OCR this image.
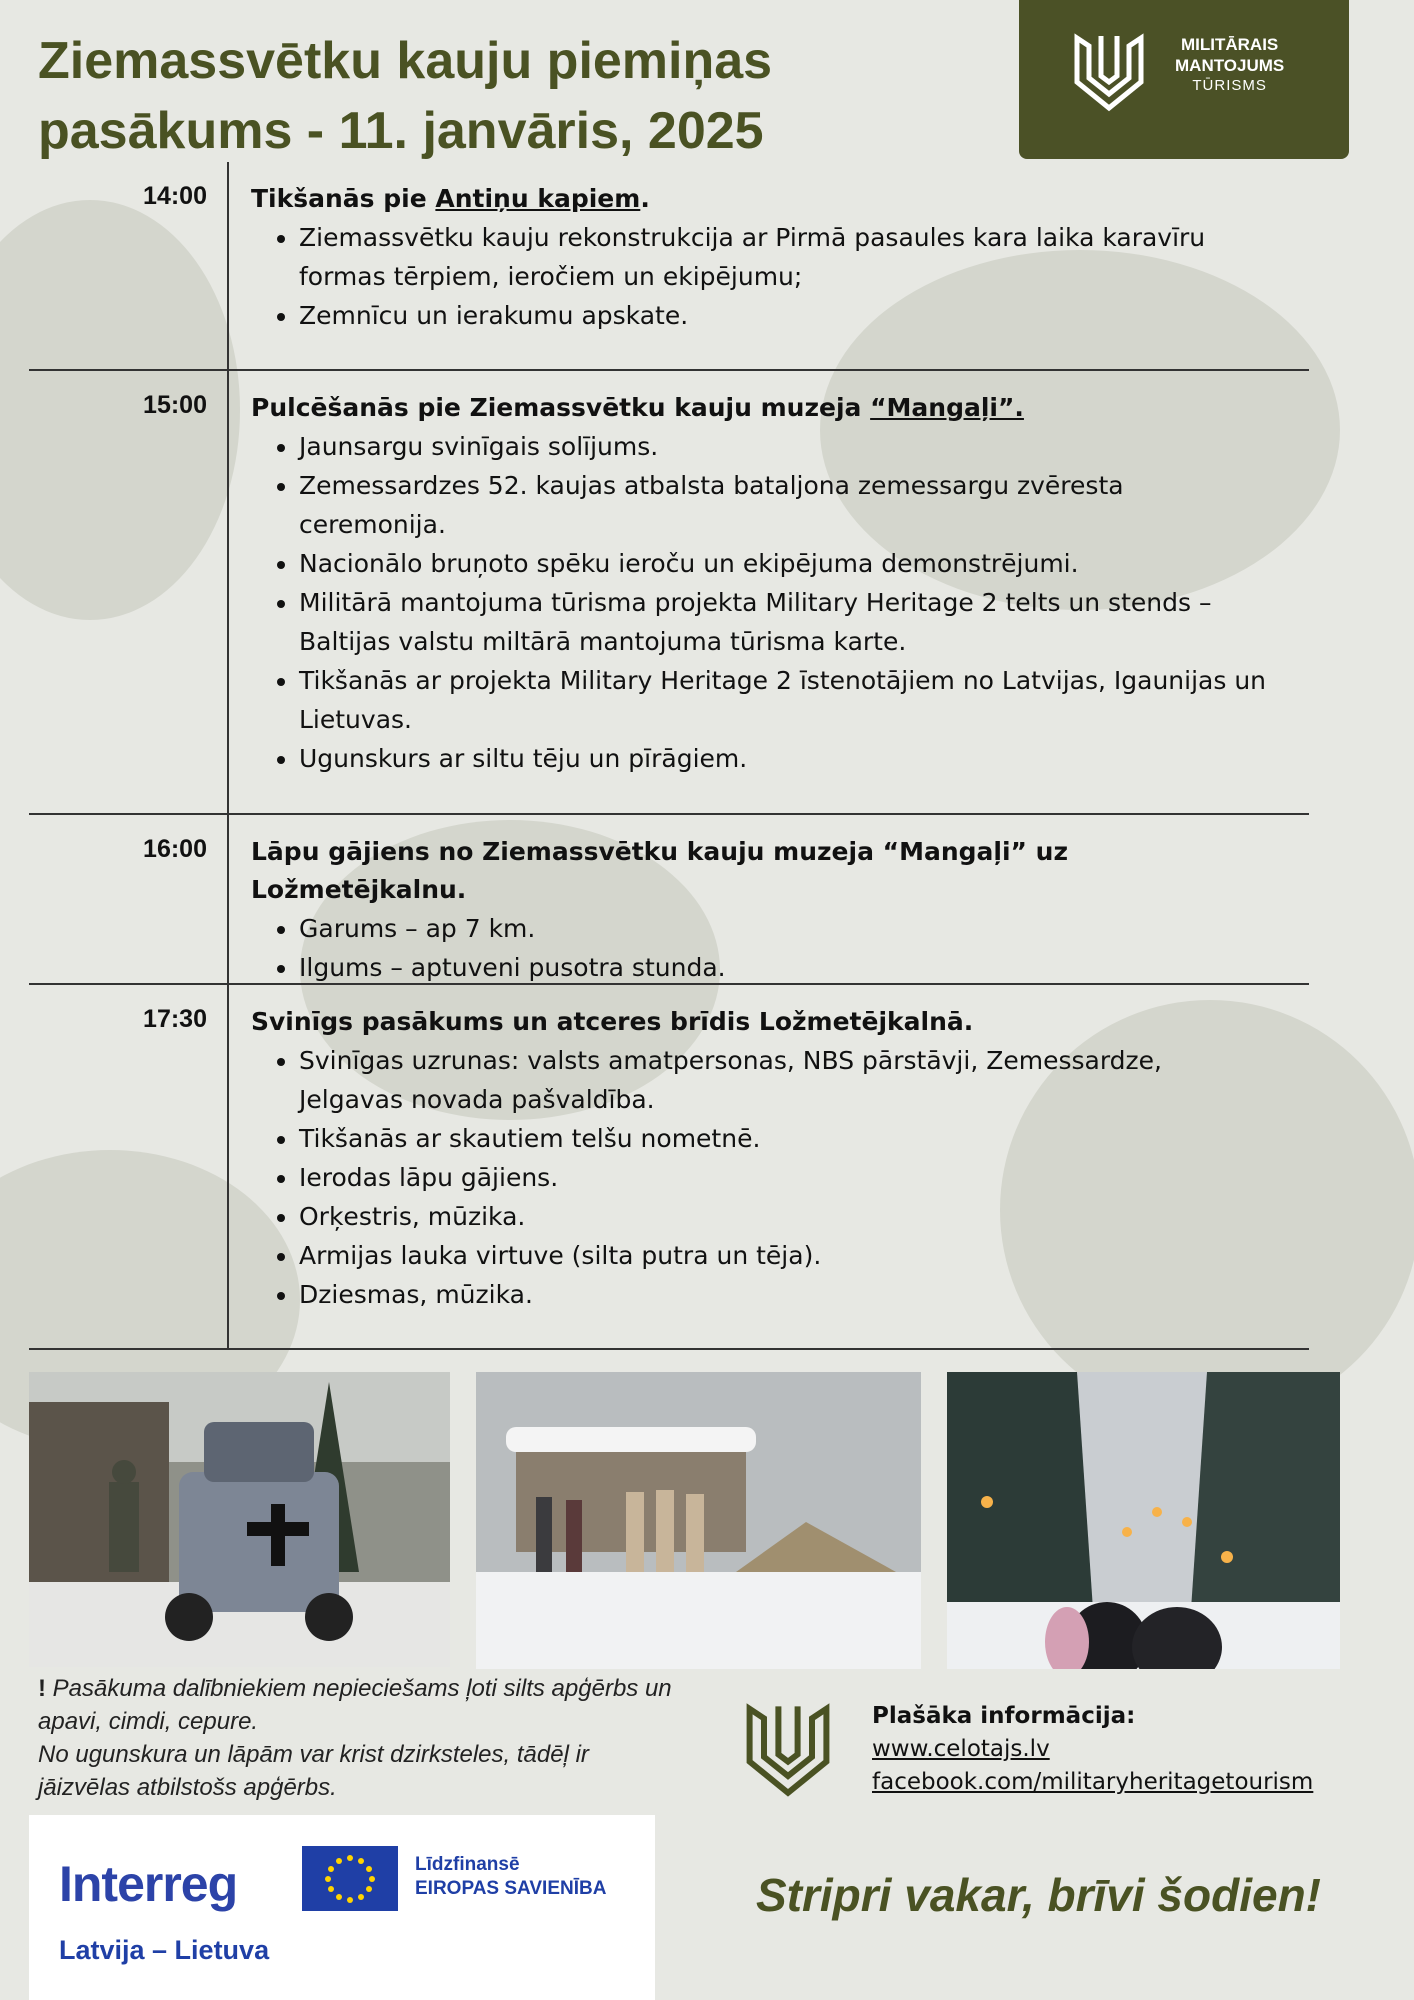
Ziemassvētku kauju piemiņas
pasākums - 11. janvāris, 2025
MILITĀRAIS
MANTOJUMS
TŪRISMS
14:00 Tikšanās pie Antiņu kapiem.
• Ziemassvētku kauju rekonstrukcija ar Pirmā pasaules kara laika karavīru formas tērpiem, ieročiem un ekipējumu;
• Zemnīcu un ierakumu apskate.
15:00 Pulcēšanās pie Ziemassvētku kauju muzeja “Mangaļi”.
• Jaunsargu svinīgais solījums.
• Zemessardzes 52. kaujas atbalsta bataljona zemessargu zvēresta ceremonija.
• Nacionālo bruņoto spēku ieroču un ekipējuma demonstrējumi.
• Militārā mantojuma tūrisma projekta Military Heritage 2 telts un stends – Baltijas valstu miltārā mantojuma tūrisma karte.
• Tikšanās ar projekta Military Heritage 2 īstenotājiem no Latvijas, Igaunijas un Lietuvas.
• Ugunskurs ar siltu tēju un pīrāgiem.
16:00 Lāpu gājiens no Ziemassvētku kauju muzeja “Mangaļi” uz Ložmetējkalnu.
• Garums – ap 7 km.
• Ilgums – aptuveni pusotra stunda.
17:30 Svinīgs pasākums un atceres brīdis Ložmetējkalnā.
• Svinīgas uzrunas: valsts amatpersonas, NBS pārstāvji, Zemessardze, Jelgavas novada pašvaldība.
• Tikšanās ar skautiem telšu nometnē.
• Ierodas lāpu gājiens.
• Orķestris, mūzika.
• Armijas lauka virtuve (silta putra un tēja).
• Dziesmas, mūzika.
! Pasākuma dalībniekiem nepieciešams ļoti silts apģērbs un apavi, cimdi, cepure.
No ugunskura un lāpām var krist dzirksteles, tādēļ ir jāizvēlas atbilstošs apģērbs.
Plašāka informācija:
www.celotajs.lv
facebook.com/militaryheritagetourism
Stripri vakar, brīvi šodien!
Interreg	Līdzfinansē
EIROPAS SAVIENĪBA
Latvija – Lietuva
